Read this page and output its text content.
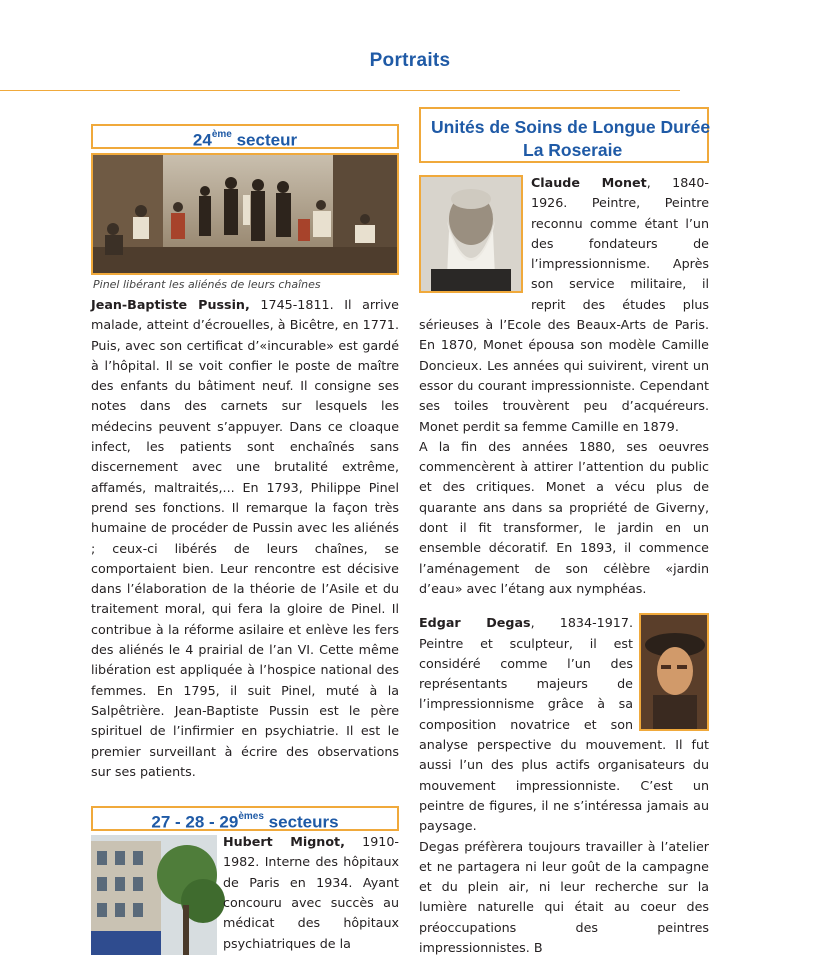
Portraits
24ème secteur
Pinel libérant les aliénés de leurs chaînes
Jean-Baptiste Pussin, 1745-1811. Il arrive malade, atteint d’écrouelles, à Bicêtre, en 1771. Puis, avec son certificat d’«incurable» est gardé à l’hôpital. Il se voit confier le poste de maître des enfants du bâtiment neuf. Il consigne ses notes dans des carnets sur lesquels les médecins peuvent s’appuyer. Dans ce cloaque infect, les patients sont enchaînés sans discernement avec une brutalité extrême, affamés, maltraités,... En 1793, Philippe Pinel prend ses fonctions. Il remarque la façon très humaine de procéder de Pussin avec les aliénés ; ceux-ci libérés de leurs chaînes, se comportaient bien. Leur rencontre est décisive dans l’élaboration de la théorie de l’Asile et du traitement moral, qui fera la gloire de Pinel. Il contribue à la réforme asilaire et enlève les fers des aliénés le 4 prairial de l’an VI. Cette même libération est appliquée à l’hospice national des femmes. En 1795, il suit Pinel, muté à la Salpêtrière. Jean-Baptiste Pussin est le père spirituel de l’infirmier en psychiatrie. Il est le premier surveillant à écrire des observations sur ses patients.
27 - 28 - 29èmes secteurs
Hubert Mignot, 1910-1982. Interne des hôpitaux de Paris en 1934. Ayant concouru avec succès au médicat des hôpitaux psychiatriques de la
Unités de Soins de Longue Durée
La Roseraie
Claude Monet, 1840-1926. Peintre, Peintre reconnu comme étant l’un des fondateurs de l’impressionnisme. Après son service militaire, il reprit des études plus sérieuses à l’Ecole des Beaux-Arts de Paris. En 1870, Monet épousa son modèle Camille Doncieux. Les années qui suivirent, virent un essor du courant impressionniste. Cependant ses toiles trouvèrent peu d’acquéreurs. Monet perdit sa femme Camille en 1879.
A la fin des années 1880, ses oeuvres commencèrent à attirer l’attention du public et des critiques. Monet a vécu plus de quarante ans dans sa propriété de Giverny, dont il fit transformer, le jardin en un ensemble décoratif. En 1893, il commence l’aménagement de son célèbre «jardin d’eau» avec l’étang aux nymphéas.
Edgar Degas, 1834-1917. Peintre et sculpteur, il est considéré comme l’un des représentants majeurs de l’impressionnisme grâce à sa composition novatrice et son analyse perspective du mouvement. Il fut aussi l’un des plus actifs organisateurs du mouvement impressionniste. C’est un peintre de figures, il ne s’intéressa jamais au paysage.
Degas préfèrera toujours travailler à l’atelier et ne partagera ni leur goût de la campagne et du plein air, ni leur recherche sur la lumière naturelle qui était au coeur des préoccupations des peintres impressionnistes. B
